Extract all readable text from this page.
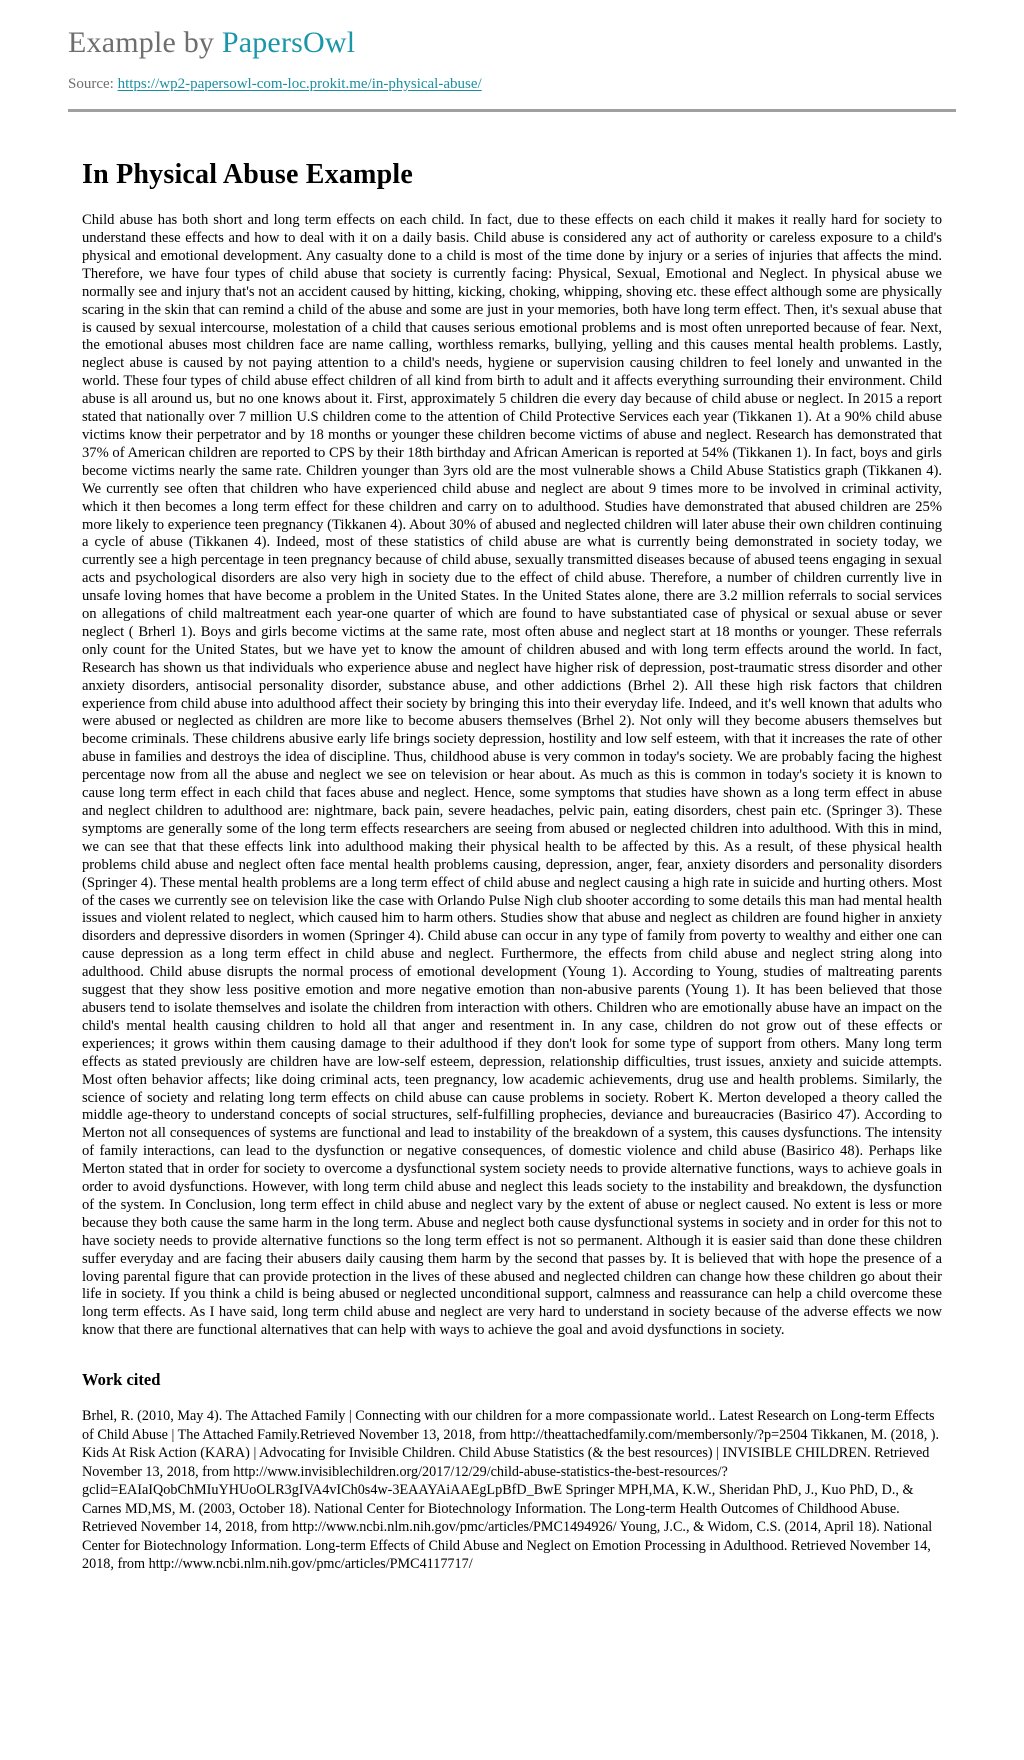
Example by PapersOwl
Source: https://wp2-papersowl-com-loc.prokit.me/in-physical-abuse/
In Physical Abuse Example

Child abuse has both short and long term effects on each child. In fact, due to these effects on each child it makes it really hard for society to understand these effects and how to deal with it on a daily basis. Child abuse is considered any act of authority or careless exposure to a child's physical and emotional development. Any casualty done to a child is most of the time done by injury or a series of injuries that affects the mind. Therefore, we have four types of child abuse that society is currently facing: Physical, Sexual, Emotional and Neglect. In physical abuse we normally see and injury that's not an accident caused by hitting, kicking, choking, whipping, shoving etc. these effect although some are physically scaring in the skin that can remind a child of the abuse and some are just in your memories, both have long term effect. Then, it's sexual abuse that is caused by sexual intercourse, molestation of a child that causes serious emotional problems and is most often unreported because of fear. Next, the emotional abuses most children face are name calling, worthless remarks, bullying, yelling and this causes mental health problems. Lastly, neglect abuse is caused by not paying attention to a child's needs, hygiene or supervision causing children to feel lonely and unwanted in the world. These four types of child abuse effect children of all kind from birth to adult and it affects everything surrounding their environment. Child abuse is all around us, but no one knows about it. First, approximately 5 children die every day because of child abuse or neglect. In 2015 a report stated that nationally over 7 million U.S children come to the attention of Child Protective Services each year (Tikkanen 1). At a 90% child abuse victims know their perpetrator and by 18 months or younger these children become victims of abuse and neglect. Research has demonstrated that 37% of American children are reported to CPS by their 18th birthday and African American is reported at 54% (Tikkanen 1). In fact, boys and girls become victims nearly the same rate. Children younger than 3yrs old are the most vulnerable shows a Child Abuse Statistics graph (Tikkanen 4). We currently see often that children who have experienced child abuse and neglect are about 9 times more to be involved in criminal activity, which it then becomes a long term effect for these children and carry on to adulthood. Studies have demonstrated that abused children are 25% more likely to experience teen pregnancy (Tikkanen 4). About 30% of abused and neglected children will later abuse their own children continuing a cycle of abuse (Tikkanen 4). Indeed, most of these statistics of child abuse are what is currently being demonstrated in society today, we currently see a high percentage in teen pregnancy because of child abuse, sexually transmitted diseases because of abused teens engaging in sexual acts and psychological disorders are also very high in society due to the effect of child abuse. Therefore, a number of children currently live in unsafe loving homes that have become a problem in the United States. In the United States alone, there are 3.2 million referrals to social services on allegations of child maltreatment each year-one quarter of which are found to have substantiated case of physical or sexual abuse or sever neglect ( Brherl 1). Boys and girls become victims at the same rate, most often abuse and neglect start at 18 months or younger. These referrals only count for the United States, but we have yet to know the amount of children abused and with long term effects around the world. In fact, Research has shown us that individuals who experience abuse and neglect have higher risk of depression, post-traumatic stress disorder and other anxiety disorders, antisocial personality disorder, substance abuse, and other addictions (Brhel 2). All these high risk factors that children experience from child abuse into adulthood affect their society by bringing this into their everyday life. Indeed, and it's well known that adults who were abused or neglected as children are more like to become abusers themselves (Brhel 2). Not only will they become abusers themselves but become criminals. These childrens abusive early life brings society depression, hostility and low self esteem, with that it increases the rate of other abuse in families and destroys the idea of discipline. Thus, childhood abuse is very common in today's society. We are probably facing the highest percentage now from all the abuse and neglect we see on television or hear about. As much as this is common in today's society it is known to cause long term effect in each child that faces abuse and neglect. Hence, some symptoms that studies have shown as a long term effect in abuse and neglect children to adulthood are: nightmare, back pain, severe headaches, pelvic pain, eating disorders, chest pain etc. (Springer 3). These symptoms are generally some of the long term effects researchers are seeing from abused or neglected children into adulthood. With this in mind, we can see that that these effects link into adulthood making their physical health to be affected by this. As a result, of these physical health problems child abuse and neglect often face mental health problems causing, depression, anger, fear, anxiety disorders and personality disorders (Springer 4). These mental health problems are a long term effect of child abuse and neglect causing a high rate in suicide and hurting others. Most of the cases we currently see on television like the case with Orlando Pulse Nigh club shooter according to some details this man had mental health issues and violent related to neglect, which caused him to harm others. Studies show that abuse and neglect as children are found higher in anxiety disorders and depressive disorders in women (Springer 4). Child abuse can occur in any type of family from poverty to wealthy and either one can cause depression as a long term effect in child abuse and neglect. Furthermore, the effects from child abuse and neglect string along into adulthood. Child abuse disrupts the normal process of emotional development (Young 1). According to Young, studies of maltreating parents suggest that they show less positive emotion and more negative emotion than non-abusive parents (Young 1). It has been believed that those abusers tend to isolate themselves and isolate the children from interaction with others. Children who are emotionally abuse have an impact on the child's mental health causing children to hold all that anger and resentment in. In any case, children do not grow out of these effects or experiences; it grows within them causing damage to their adulthood if they don't look for some type of support from others. Many long term effects as stated previously are children have are low-self esteem, depression, relationship difficulties, trust issues, anxiety and suicide attempts. Most often behavior affects; like doing criminal acts, teen pregnancy, low academic achievements, drug use and health problems. Similarly, the science of society and relating long term effects on child abuse can cause problems in society. Robert K. Merton developed a theory called the middle age-theory to understand concepts of social structures, self-fulfilling prophecies, deviance and bureaucracies (Basirico 47). According to Merton not all consequences of systems are functional and lead to instability of the breakdown of a system, this causes dysfunctions. The intensity of family interactions, can lead to the dysfunction or negative consequences, of domestic violence and child abuse (Basirico 48). Perhaps like Merton stated that in order for society to overcome a dysfunctional system society needs to provide alternative functions, ways to achieve goals in order to avoid dysfunctions. However, with long term child abuse and neglect this leads society to the instability and breakdown, the dysfunction of the system. In Conclusion, long term effect in child abuse and neglect vary by the extent of abuse or neglect caused. No extent is less or more because they both cause the same harm in the long term. Abuse and neglect both cause dysfunctional systems in society and in order for this not to have society needs to provide alternative functions so the long term effect is not so permanent. Although it is easier said than done these children suffer everyday and are facing their abusers daily causing them harm by the second that passes by. It is believed that with hope the presence of a loving parental figure that can provide protection in the lives of these abused and neglected children can change how these children go about their life in society. If you think a child is being abused or neglected unconditional support, calmness and reassurance can help a child overcome these long term effects. As I have said, long term child abuse and neglect are very hard to understand in society because of the adverse effects we now know that there are functional alternatives that can help with ways to achieve the goal and avoid dysfunctions in society.

Work cited

Brhel, R. (2010, May 4). The Attached Family | Connecting with our children for a more compassionate world.. Latest Research on Long-term Effects of Child Abuse | The Attached Family.Retrieved November 13, 2018, from http://theattachedfamily.com/membersonly/?p=2504 Tikkanen, M. (2018, ). Kids At Risk Action (KARA) | Advocating for Invisible Children. Child Abuse Statistics (& the best resources) | INVISIBLE CHILDREN. Retrieved November 13, 2018, from http://www.invisiblechildren.org/2017/12/29/child-abuse-statistics-the-best-resources/?gclid=EAIaIQobChMIuYHUoOLR3gIVA4vICh0s4w-3EAAYAiAAEgLpBfD_BwE Springer MPH,MA, K.W., Sheridan PhD, J., Kuo PhD, D., & Carnes MD,MS, M. (2003, October 18). National Center for Biotechnology Information. The Long-term Health Outcomes of Childhood Abuse. Retrieved November 14, 2018, from http://www.ncbi.nlm.nih.gov/pmc/articles/PMC1494926/ Young, J.C., & Widom, C.S. (2014, April 18). National Center for Biotechnology Information. Long-term Effects of Child Abuse and Neglect on Emotion Processing in Adulthood. Retrieved November 14, 2018, from http://www.ncbi.nlm.nih.gov/pmc/articles/PMC4117717/
